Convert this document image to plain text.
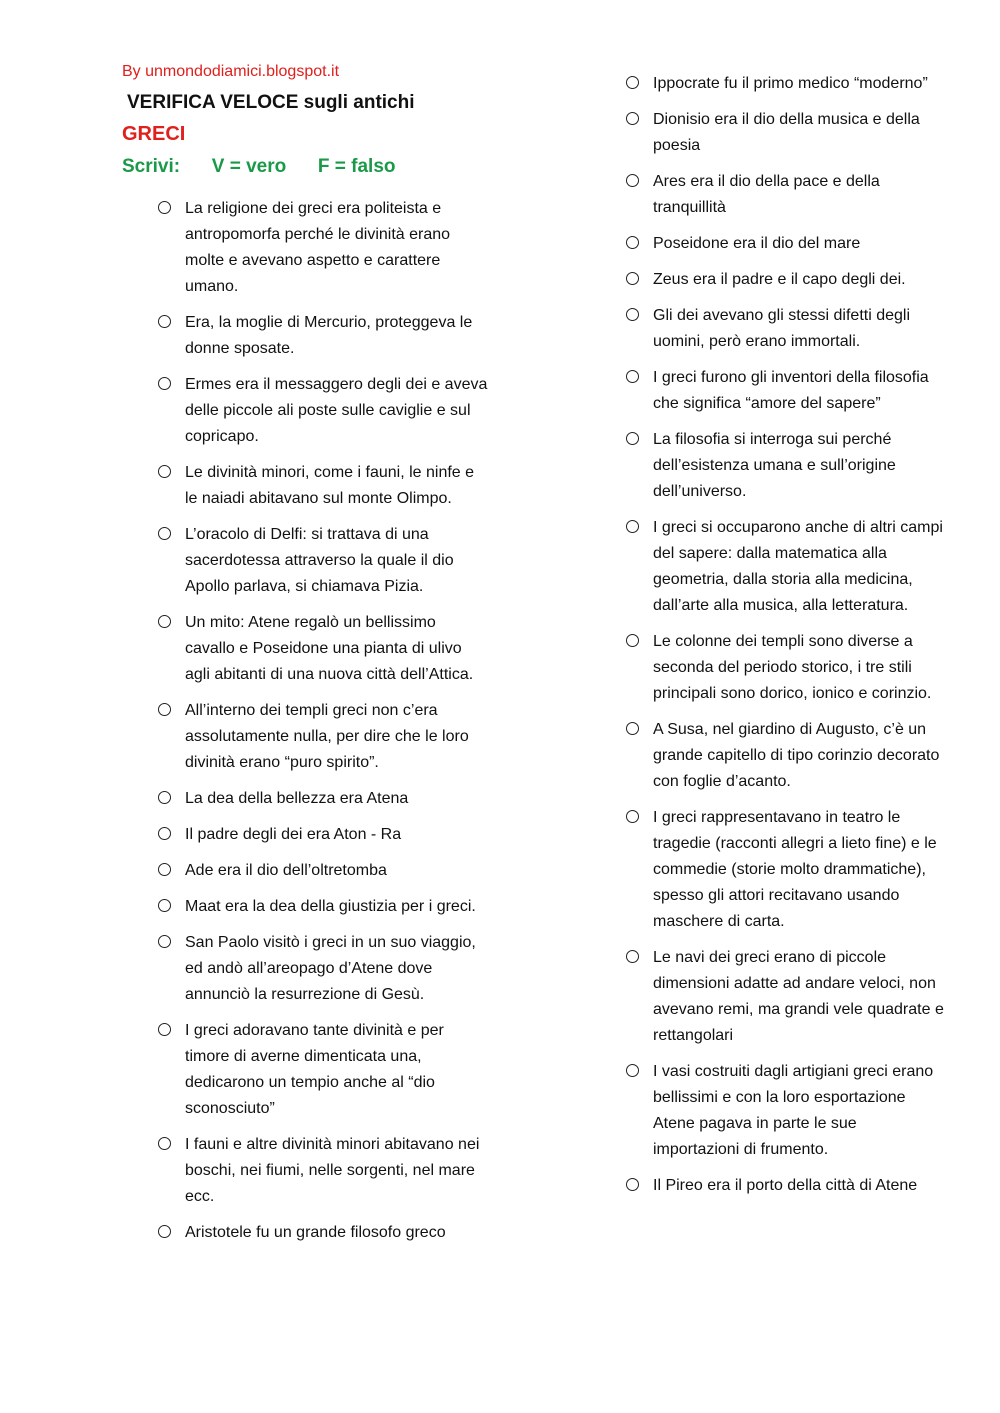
By unmondodiamici.blogspot.it
VERIFICA VELOCE sugli antichi
GRECI
Scrivi:      V = vero      F = falso
La religione dei greci era politeista e antropomorfa perché le divinità erano molte e avevano aspetto e carattere umano.
Era, la moglie di Mercurio, proteggeva le donne sposate.
Ermes era il messaggero degli dei e aveva delle piccole ali poste sulle caviglie e sul copricapo.
Le divinità minori, come i fauni, le ninfe e le naiadi abitavano sul monte Olimpo.
L’oracolo di Delfi: si trattava di una sacerdotessa attraverso la quale il dio Apollo parlava, si chiamava Pizia.
Un mito: Atene regalò un bellissimo cavallo e Poseidone una pianta di ulivo agli abitanti di una nuova città dell’Attica.
All’interno dei templi greci non c’era assolutamente nulla, per dire che le loro divinità erano “puro spirito”.
La dea della bellezza era Atena
Il padre degli dei era Aton - Ra
Ade era il dio dell’oltretomba
Maat era la dea della giustizia per i greci.
San Paolo visitò i greci in un suo viaggio, ed andò all’areopago d’Atene dove annunciò la resurrezione di Gesù.
I greci adoravano tante divinità e per timore di averne dimenticata una, dedicarono un tempio anche al “dio sconosciuto”
I fauni e altre divinità minori abitavano nei boschi, nei fiumi, nelle sorgenti, nel mare ecc.
Aristotele fu un grande filosofo greco
Ippocrate fu il primo medico “moderno”
Dionisio era il dio della musica e della poesia
Ares era il dio della pace e della tranquillità
Poseidone era il dio del mare
Zeus era il padre e il capo degli dei.
Gli dei avevano gli stessi difetti degli uomini, però erano immortali.
I greci furono gli inventori della filosofia che significa “amore del sapere”
La filosofia si interroga sui perché dell’esistenza umana e sull’origine dell’universo.
I greci si occuparono anche di altri campi del sapere: dalla matematica alla geometria, dalla storia alla medicina, dall’arte alla musica, alla letteratura.
Le colonne dei templi sono diverse a seconda del periodo storico, i tre stili principali sono dorico, ionico e corinzio.
A Susa, nel giardino di Augusto, c’è un grande capitello di tipo corinzio decorato con foglie d’acanto.
I greci rappresentavano in teatro le tragedie (racconti allegri a lieto fine) e le commedie (storie molto drammatiche), spesso gli attori recitavano usando maschere di carta.
Le navi dei greci erano di piccole dimensioni adatte ad andare veloci, non avevano remi, ma grandi vele quadrate e rettangolari
I vasi costruiti dagli artigiani greci erano bellissimi e con la loro esportazione Atene pagava in parte le sue importazioni di frumento.
Il Pireo era il porto della città di Atene
